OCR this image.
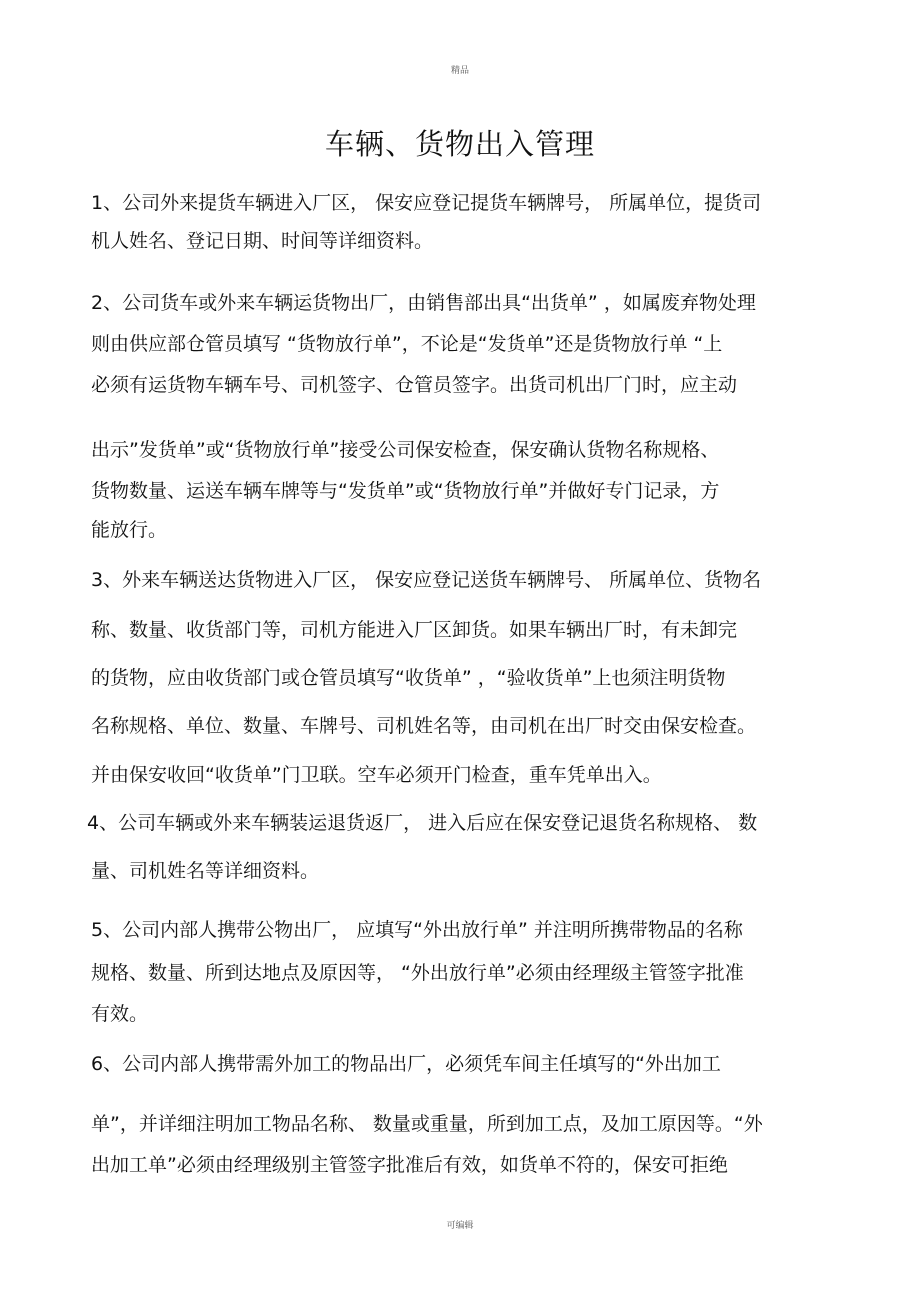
精品
车辆、货物出入管理

1、公司外来提货车辆进入厂区， 保安应登记提货车辆牌号， 所属单位，提货司

机人姓名、登记日期、时间等详细资料。

2、公司货车或外来车辆运货物出厂，由销售部出具“出货单” ，如属废弃物处理

则由供应部仓管员填写 “货物放行单”，不论是“发货单”还是货物放行单 “上

必须有运货物车辆车号、司机签字、仓管员签字。出货司机出厂门时，应主动

出示”发货单”或“货物放行单”接受公司保安检查，保安确认货物名称规格、

货物数量、运送车辆车牌等与“发货单”或“货物放行单”并做好专门记录，方

能放行。

3、外来车辆送达货物进入厂区， 保安应登记送货车辆牌号、 所属单位、货物名

称、数量、收货部门等，司机方能进入厂区卸货。如果车辆出厂时，有未卸完

的货物，应由收货部门或仓管员填写“收货单” ，“验收货单”上也须注明货物

名称规格、单位、数量、车牌号、司机姓名等，由司机在出厂时交由保安检查。

并由保安收回“收货单”门卫联。空车必须开门检查，重车凭单出入。

4、公司车辆或外来车辆装运退货返厂， 进入后应在保安登记退货名称规格、 数

量、司机姓名等详细资料。

5、公司内部人携带公物出厂， 应填写“外出放行单” 并注明所携带物品的名称

规格、数量、所到达地点及原因等， “外出放行单”必须由经理级主管签字批准

有效。

6、公司内部人携带需外加工的物品出厂，必须凭车间主任填写的“外出加工

单”，并详细注明加工物品名称、 数量或重量，所到加工点，及加工原因等。“外

出加工单”必须由经理级别主管签字批准后有效，如货单不符的，保安可拒绝

可编辑
